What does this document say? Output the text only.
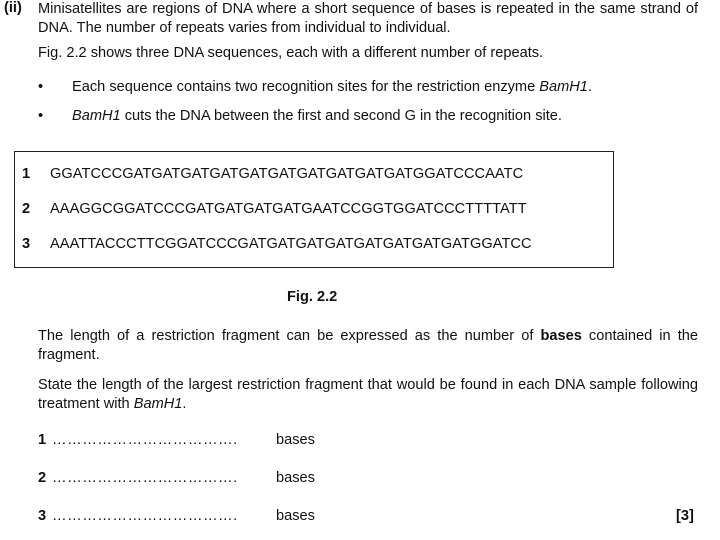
(ii) Minisatellites are regions of DNA where a short sequence of bases is repeated in the same strand of DNA. The number of repeats varies from individual to individual.
Fig. 2.2 shows three DNA sequences, each with a different number of repeats.
• Each sequence contains two recognition sites for the restriction enzyme BamH1.
• BamH1 cuts the DNA between the first and second G in the recognition site.
1 GGATCCCGATGATGATGATGATGATGATGATGATGATGGATCCCAATC
2 AAAGGCGGATCCCGATGATGATGATGAATCCGGTGGATCCCTTTTATT
3 AAATTACCCTTCGGATCCCGATGATGATGATGATGATGATGATGGATCC
Fig. 2.2
The length of a restriction fragment can be expressed as the number of bases contained in the fragment.
State the length of the largest restriction fragment that would be found in each DNA sample following treatment with BamH1.
1 ……………………………….	bases
2 ……………………………….	bases
3 ……………………………….	bases	[3]
